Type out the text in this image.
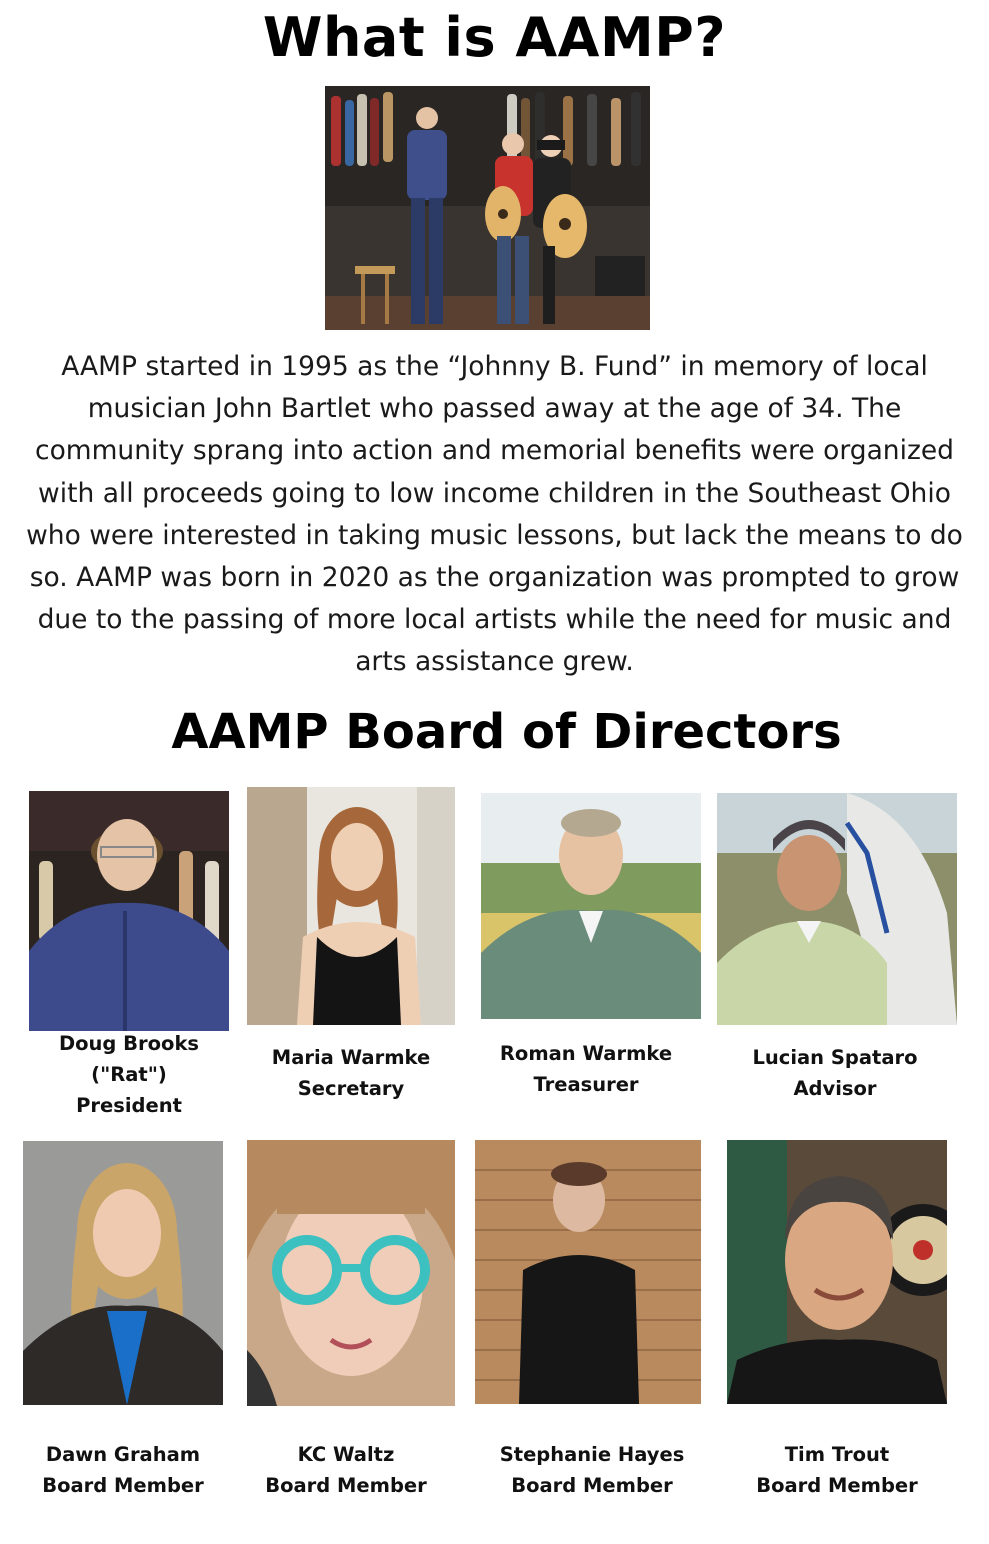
What is AAMP?

AAMP started in 1995 as the “Johnny B. Fund” in memory of local musician John Bartlet who passed away at the age of 34. The community sprang into action and memorial benefits were organized with all proceeds going to low income children in the Southeast Ohio who were interested in taking music lessons, but lack the means to do so. AAMP was born in 2020 as the organization was prompted to grow due to the passing of more local artists while the need for music and arts assistance grew.

AAMP Board of Directors
Doug Brooks
("Rat")
President
Maria Warmke
Secretary
Roman Warmke
Treasurer
Lucian Spataro
Advisor
Dawn Graham
Board Member
KC Waltz
Board Member
Stephanie Hayes
Board Member
Tim Trout
Board Member
